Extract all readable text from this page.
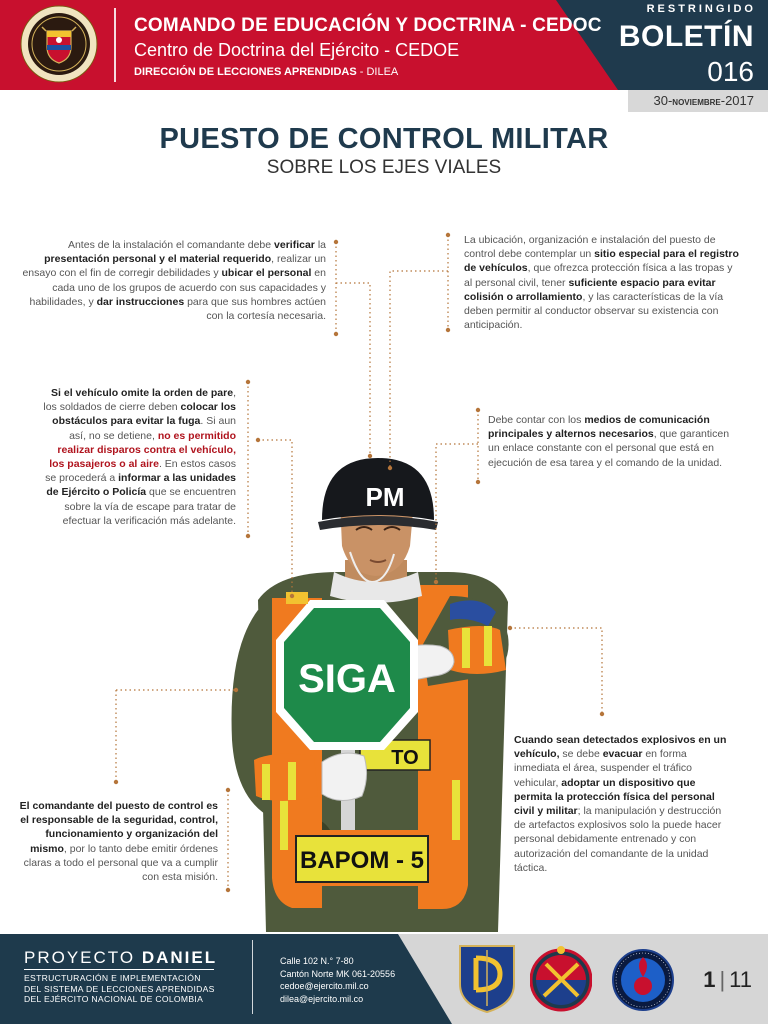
COMANDO DE EDUCACIÓN Y DOCTRINA - CEDOC
Centro de Doctrina del Ejército - CEDOE
DIRECCIÓN DE LECCIONES APRENDIDAS - DILEA
RESTRINGIDO
BOLETÍN
016
30-NOVIEMBRE-2017
PUESTO DE CONTROL MILITAR
SOBRE LOS EJES VIALES
BAPOM - 5
TO
PM
SIGA
Antes de la instalación el comandante debe verificar la presentación personal y el material requerido, realizar un ensayo con el fin de corregir debilidades y ubicar el personal en cada uno de los grupos de acuerdo con sus capacidades y habilidades, y dar instrucciones para que sus hombres actúen con la cortesía necesaria.
La ubicación, organización e instalación del puesto de control debe contemplar un sitio especial para el registro de vehículos, que ofrezca protección física a las tropas y al personal civil, tener suficiente espacio para evitar colisión o arrollamiento, y las características de la vía deben permitir al conductor observar su existencia con anticipación.
Si el vehículo omite la orden de pare, los soldados de cierre deben colocar los obstáculos para evitar la fuga. Si aun así, no se detiene, no es permitido realizar disparos contra el vehículo, los pasajeros o al aire. En estos casos se procederá a informar a las unidades de Ejército o Policía que se encuentren sobre la vía de escape para tratar de efectuar la verificación más adelante.
Debe contar con los medios de comunicación principales y alternos necesarios, que garanticen un enlace constante con el personal que está en ejecución de esa tarea y el comando de la unidad.
Cuando sean detectados explosivos en un vehículo, se debe evacuar en forma inmediata el área, suspender el tráfico vehicular, adoptar un dispositivo que permita la protección física del personal civil y militar; la manipulación y destrucción de artefactos explosivos solo la puede hacer personal debidamente entrenado y con autorización del comandante de la unidad táctica.
El comandante del puesto de control es el responsable de la seguridad, control, funcionamiento y organización del mismo, por lo tanto debe emitir órdenes claras a todo el personal que va a cumplir con esta misión.
PROYECTO DANIEL
ESTRUCTURACIÓN E IMPLEMENTACIÓN
DEL SISTEMA DE LECCIONES APRENDIDAS
DEL EJÉRCITO NACIONAL DE COLOMBIA
Calle 102 N.° 7-80
Cantón Norte MK 061-20556
cedoe@ejercito.mil.co
dilea@ejercito.mil.co
1 | 11
